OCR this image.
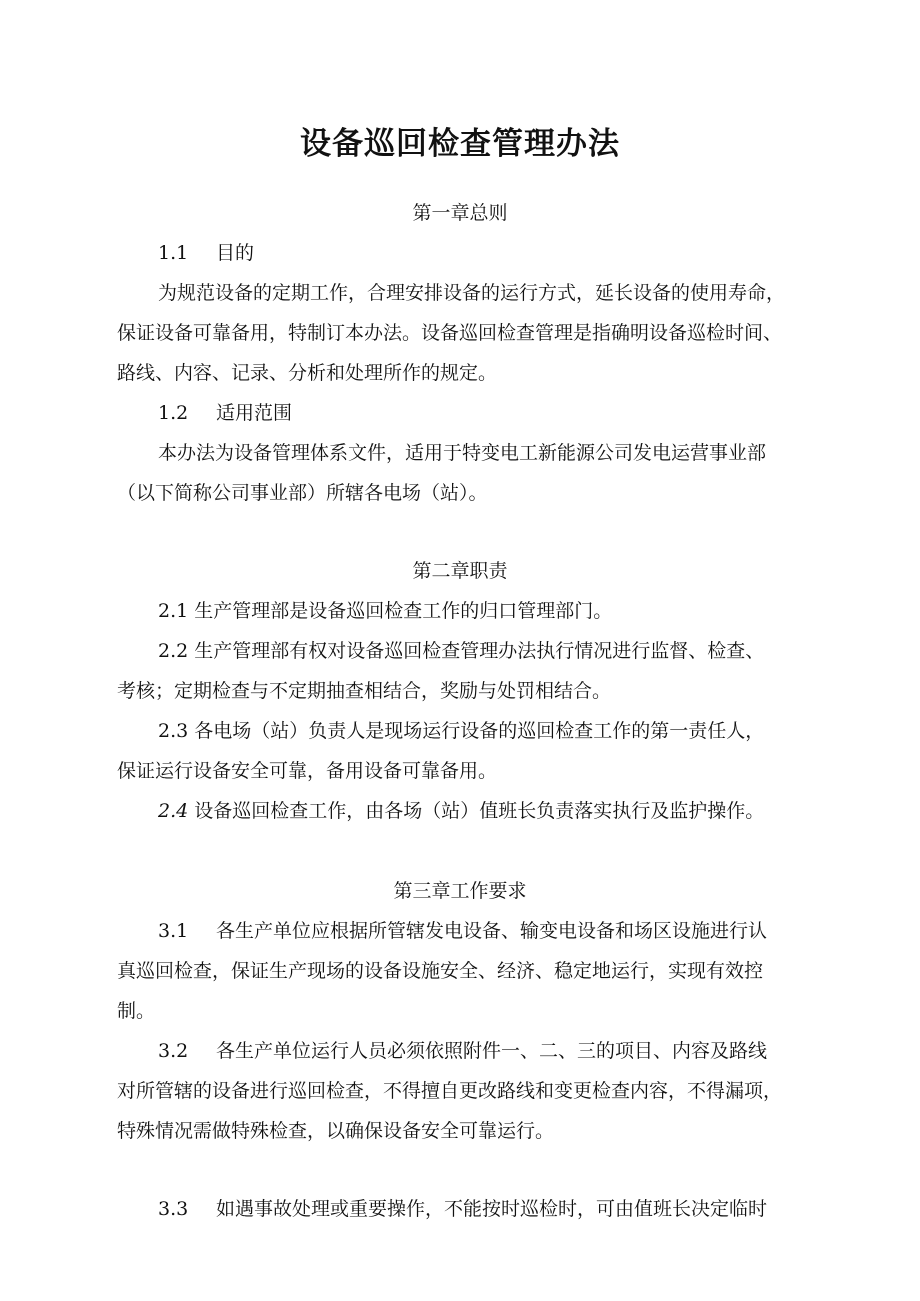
设备巡回检查管理办法
第一章总则
1.1 目的
为规范设备的定期工作，合理安排设备的运行方式，延长设备的使用寿命，
保证设备可靠备用，特制订本办法。设备巡回检查管理是指确明设备巡检时间、
路线、内容、记录、分析和处理所作的规定。
1.2 适用范围
本办法为设备管理体系文件，适用于特变电工新能源公司发电运营事业部
（以下简称公司事业部）所辖各电场（站）。
第二章职责
2.1 生产管理部是设备巡回检查工作的归口管理部门。
2.2 生产管理部有权对设备巡回检查管理办法执行情况进行监督、检查、
考核；定期检查与不定期抽查相结合，奖励与处罚相结合。
2.3 各电场（站）负责人是现场运行设备的巡回检查工作的第一责任人，
保证运行设备安全可靠，备用设备可靠备用。
2.4 设备巡回检查工作，由各场（站）值班长负责落实执行及监护操作。
第三章工作要求
3.1 各生产单位应根据所管辖发电设备、输变电设备和场区设施进行认
真巡回检查，保证生产现场的设备设施安全、经济、稳定地运行，实现有效控
制。
3.2 各生产单位运行人员必须依照附件一、二、三的项目、内容及路线
对所管辖的设备进行巡回检查，不得擅自更改路线和变更检查内容，不得漏项，
特殊情况需做特殊检查，以确保设备安全可靠运行。
3.3 如遇事故处理或重要操作，不能按时巡检时，可由值班长决定临时
